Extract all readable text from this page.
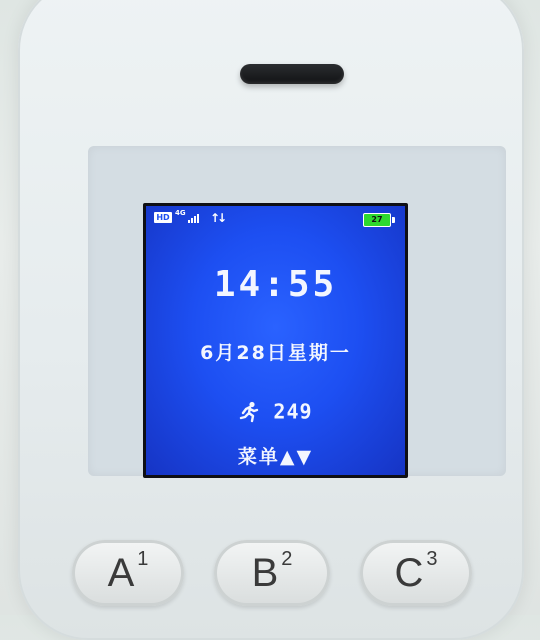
HD 4G ↑↓	27
14:55
6月28日星期一
249
菜单▲▼
A 1	B 2	C 3
